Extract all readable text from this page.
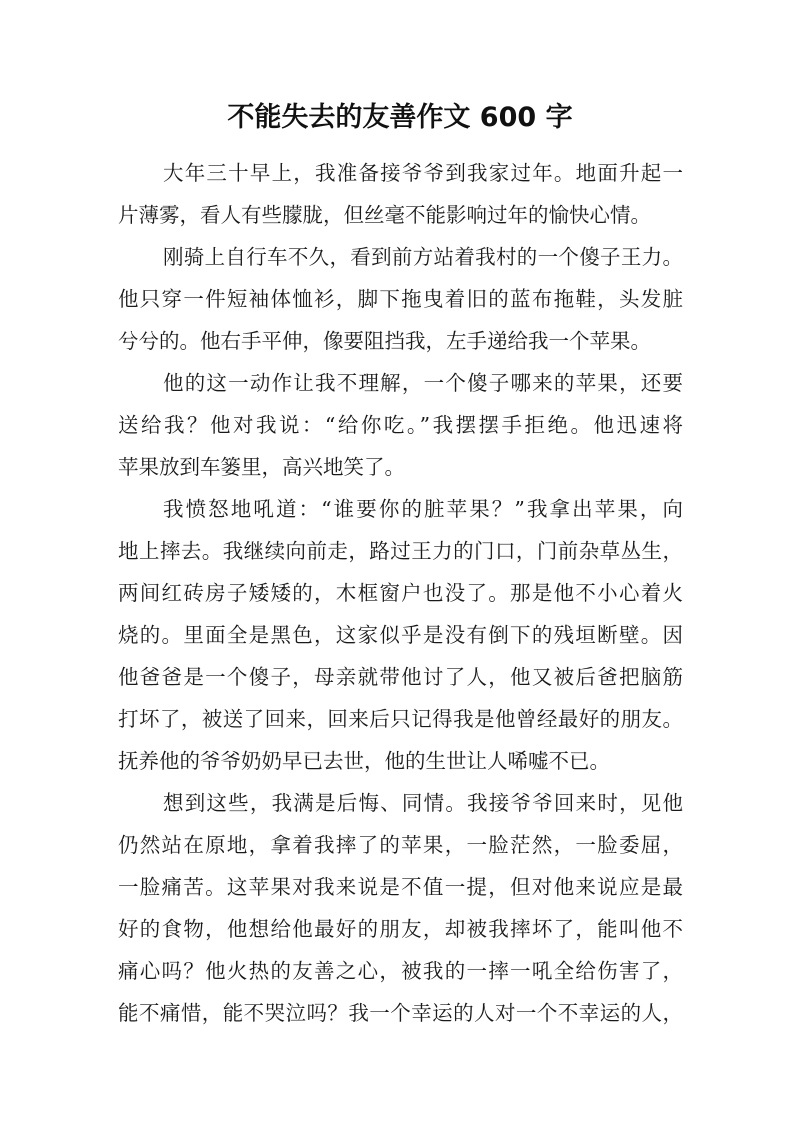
不能失去的友善作文 600 字
大年三十早上，我准备接爷爷到我家过年。地面升起一
片薄雾，看人有些朦胧，但丝毫不能影响过年的愉快心情。
刚骑上自行车不久，看到前方站着我村的一个傻子王力。
他只穿一件短袖体恤衫，脚下拖曳着旧的蓝布拖鞋，头发脏
兮兮的。他右手平伸，像要阻挡我，左手递给我一个苹果。
他的这一动作让我不理解，一个傻子哪来的苹果，还要
送给我？他对我说：“给你吃。”我摆摆手拒绝。他迅速将
苹果放到车篓里，高兴地笑了。
我愤怒地吼道：“谁要你的脏苹果？”我拿出苹果，向
地上摔去。我继续向前走，路过王力的门口，门前杂草丛生，
两间红砖房子矮矮的，木框窗户也没了。那是他不小心着火
烧的。里面全是黑色，这家似乎是没有倒下的残垣断壁。因
他爸爸是一个傻子，母亲就带他讨了人，他又被后爸把脑筋
打坏了，被送了回来，回来后只记得我是他曾经最好的朋友。
抚养他的爷爷奶奶早已去世，他的生世让人唏嘘不已。
想到这些，我满是后悔、同情。我接爷爷回来时，见他
仍然站在原地，拿着我摔了的苹果，一脸茫然，一脸委屈，
一脸痛苦。这苹果对我来说是不值一提，但对他来说应是最
好的食物，他想给他最好的朋友，却被我摔坏了，能叫他不
痛心吗？他火热的友善之心，被我的一摔一吼全给伤害了，
能不痛惜，能不哭泣吗？我一个幸运的人对一个不幸运的人，
